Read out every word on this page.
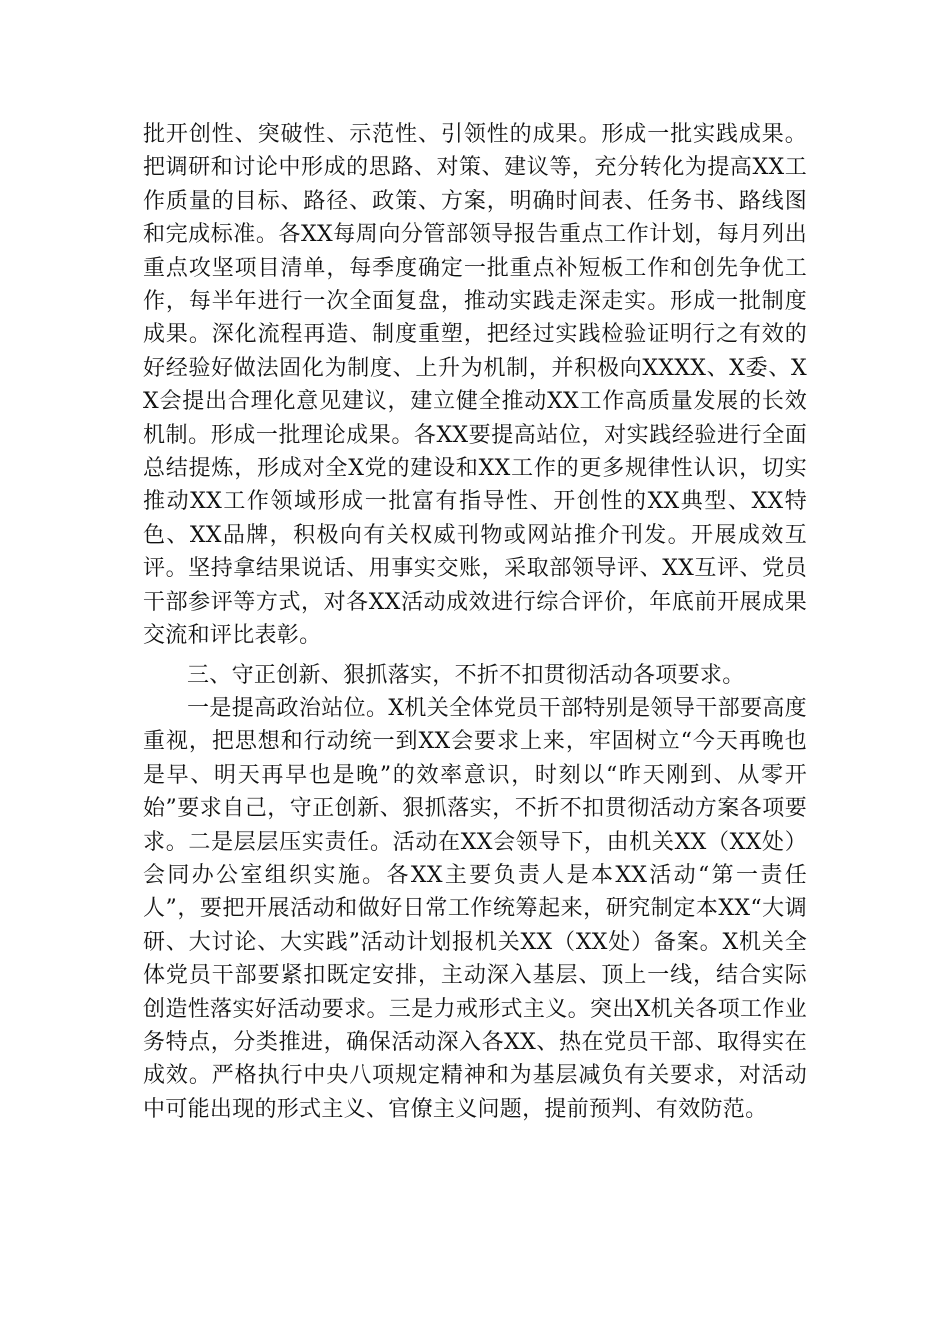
批开创性、突破性、示范性、引领性的成果。形成一批实践成果。把调研和讨论中形成的思路、对策、建议等，充分转化为提高XX工作质量的目标、路径、政策、方案，明确时间表、任务书、路线图和完成标准。各XX每周向分管部领导报告重点工作计划，每月列出重点攻坚项目清单，每季度确定一批重点补短板工作和创先争优工作，每半年进行一次全面复盘，推动实践走深走实。形成一批制度成果。深化流程再造、制度重塑，把经过实践检验证明行之有效的好经验好做法固化为制度、上升为机制，并积极向XXXX、X委、XX会提出合理化意见建议，建立健全推动XX工作高质量发展的长效机制。形成一批理论成果。各XX要提高站位，对实践经验进行全面总结提炼，形成对全X党的建设和XX工作的更多规律性认识，切实推动XX工作领域形成一批富有指导性、开创性的XX典型、XX特色、XX品牌，积极向有关权威刊物或网站推介刊发。开展成效互评。坚持拿结果说话、用事实交账，采取部领导评、XX互评、党员干部参评等方式，对各XX活动成效进行综合评价，年底前开展成果交流和评比表彰。

三、守正创新、狠抓落实，不折不扣贯彻活动各项要求。

一是提高政治站位。X机关全体党员干部特别是领导干部要高度重视，把思想和行动统一到XX会要求上来，牢固树立“今天再晚也是早、明天再早也是晚”的效率意识，时刻以“昨天刚到、从零开始”要求自己，守正创新、狠抓落实，不折不扣贯彻活动方案各项要求。二是层层压实责任。活动在XX会领导下，由机关XX（XX处）会同办公室组织实施。各XX主要负责人是本XX活动“第一责任人”，要把开展活动和做好日常工作统筹起来，研究制定本XX“大调研、大讨论、大实践”活动计划报机关XX（XX处）备案。X机关全体党员干部要紧扣既定安排，主动深入基层、顶上一线，结合实际创造性落实好活动要求。三是力戒形式主义。突出X机关各项工作业务特点，分类推进，确保活动深入各XX、热在党员干部、取得实在成效。严格执行中央八项规定精神和为基层减负有关要求，对活动中可能出现的形式主义、官僚主义问题，提前预判、有效防范。
